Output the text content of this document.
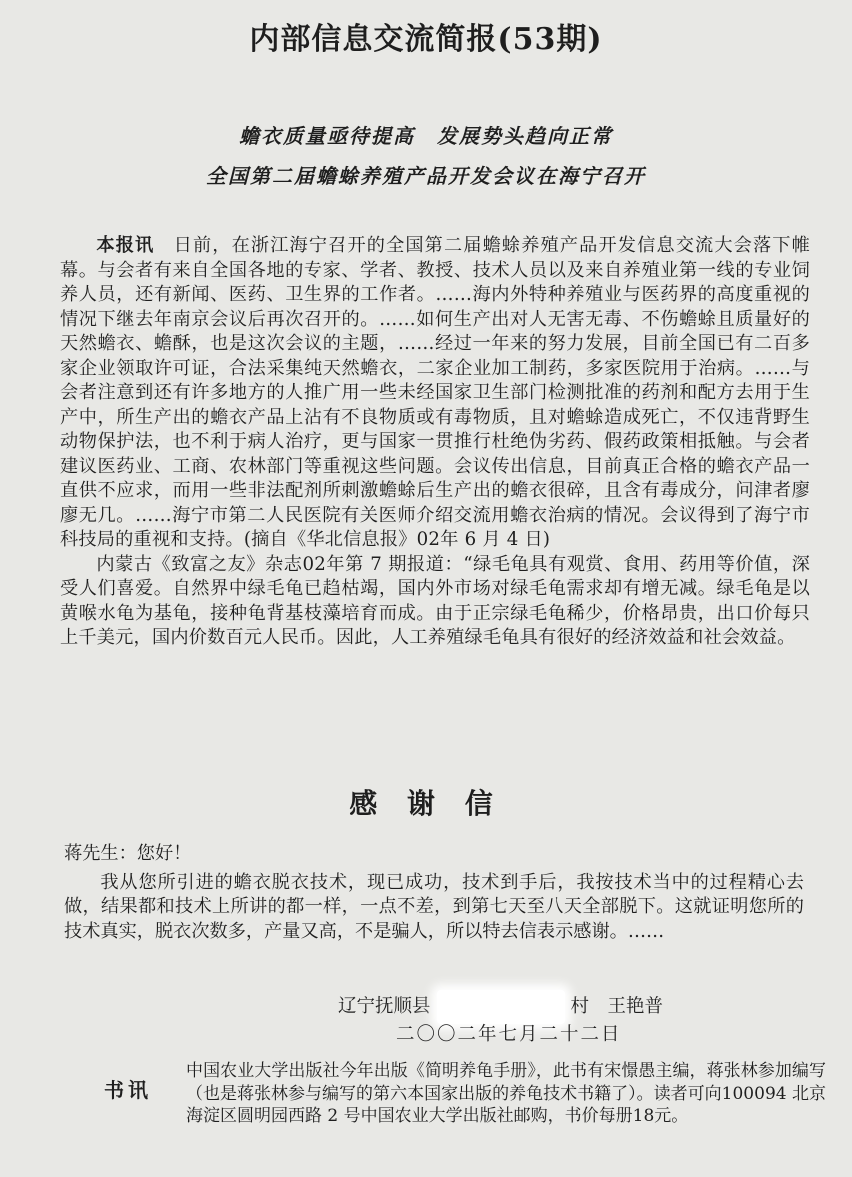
内部信息交流简报(53期)
蟾衣质量亟待提高　发展势头趋向正常
全国第二届蟾蜍养殖产品开发会议在海宁召开

本报讯　 日前，在浙江海宁召开的全国第二届蟾蜍养殖产品开发信息交流大会落下帷幕。与会者有来自全国各地的专家、学者、教授、技术人员以及来自养殖业第一线的专业饲养人员，还有新闻、医药、卫生界的工作者。……海内外特种养殖业与医药界的高度重视的情况下继去年南京会议后再次召开的。……如何生产出对人无害无毒、不伤蟾蜍且质量好的天然蟾衣、蟾酥，也是这次会议的主题，……经过一年来的努力发展，目前全国已有二百多家企业领取许可证，合法采集纯天然蟾衣，二家企业加工制药，多家医院用于治病。……与会者注意到还有许多地方的人推广用一些未经国家卫生部门检测批准的药剂和配方去用于生产中，所生产出的蟾衣产品上沾有不良物质或有毒物质，且对蟾蜍造成死亡，不仅违背野生动物保护法，也不利于病人治疗，更与国家一贯推行杜绝伪劣药、假药政策相抵触。与会者建议医药业、工商、农林部门等重视这些问题。会议传出信息，目前真正合格的蟾衣产品一直供不应求，而用一些非法配剂所刺激蟾蜍后生产出的蟾衣很碎，且含有毒成分，问津者廖廖无几。……海宁市第二人民医院有关医师介绍交流用蟾衣治病的情况。会议得到了海宁市科技局的重视和支持。(摘自《华北信息报》02年 6 月 4 日)

内蒙古《致富之友》杂志02年第 7 期报道：“绿毛龟具有观赏、食用、药用等价值，深受人们喜爱。自然界中绿毛龟已趋枯竭，国内外市场对绿毛龟需求却有增无减。绿毛龟是以黄喉水龟为基龟，接种龟背基枝藻培育而成。由于正宗绿毛龟稀少，价格昂贵，出口价每只上千美元，国内价数百元人民币。因此，人工养殖绿毛龟具有很好的经济效益和社会效益。

感 谢 信

蒋先生：您好！

我从您所引进的蟾衣脱衣技术，现已成功，技术到手后，我按技术当中的过程精心去做，结果都和技术上所讲的都一样，一点不差，到第七天至八天全部脱下。这就证明您所的技术真实，脱衣次数多，产量又高，不是骗人，所以特去信表示感谢。……

辽宁抚顺县	村　王艳普
二〇〇二年七月二十二日
书讯

中国农业大学出版社今年出版《简明养龟手册》，此书有宋憬愚主编，蒋张林参加编写（也是蒋张林参与编写的第六本国家出版的养龟技术书籍了）。读者可向100094 北京海淀区圆明园西路 2 号中国农业大学出版社邮购，书价每册18元。
